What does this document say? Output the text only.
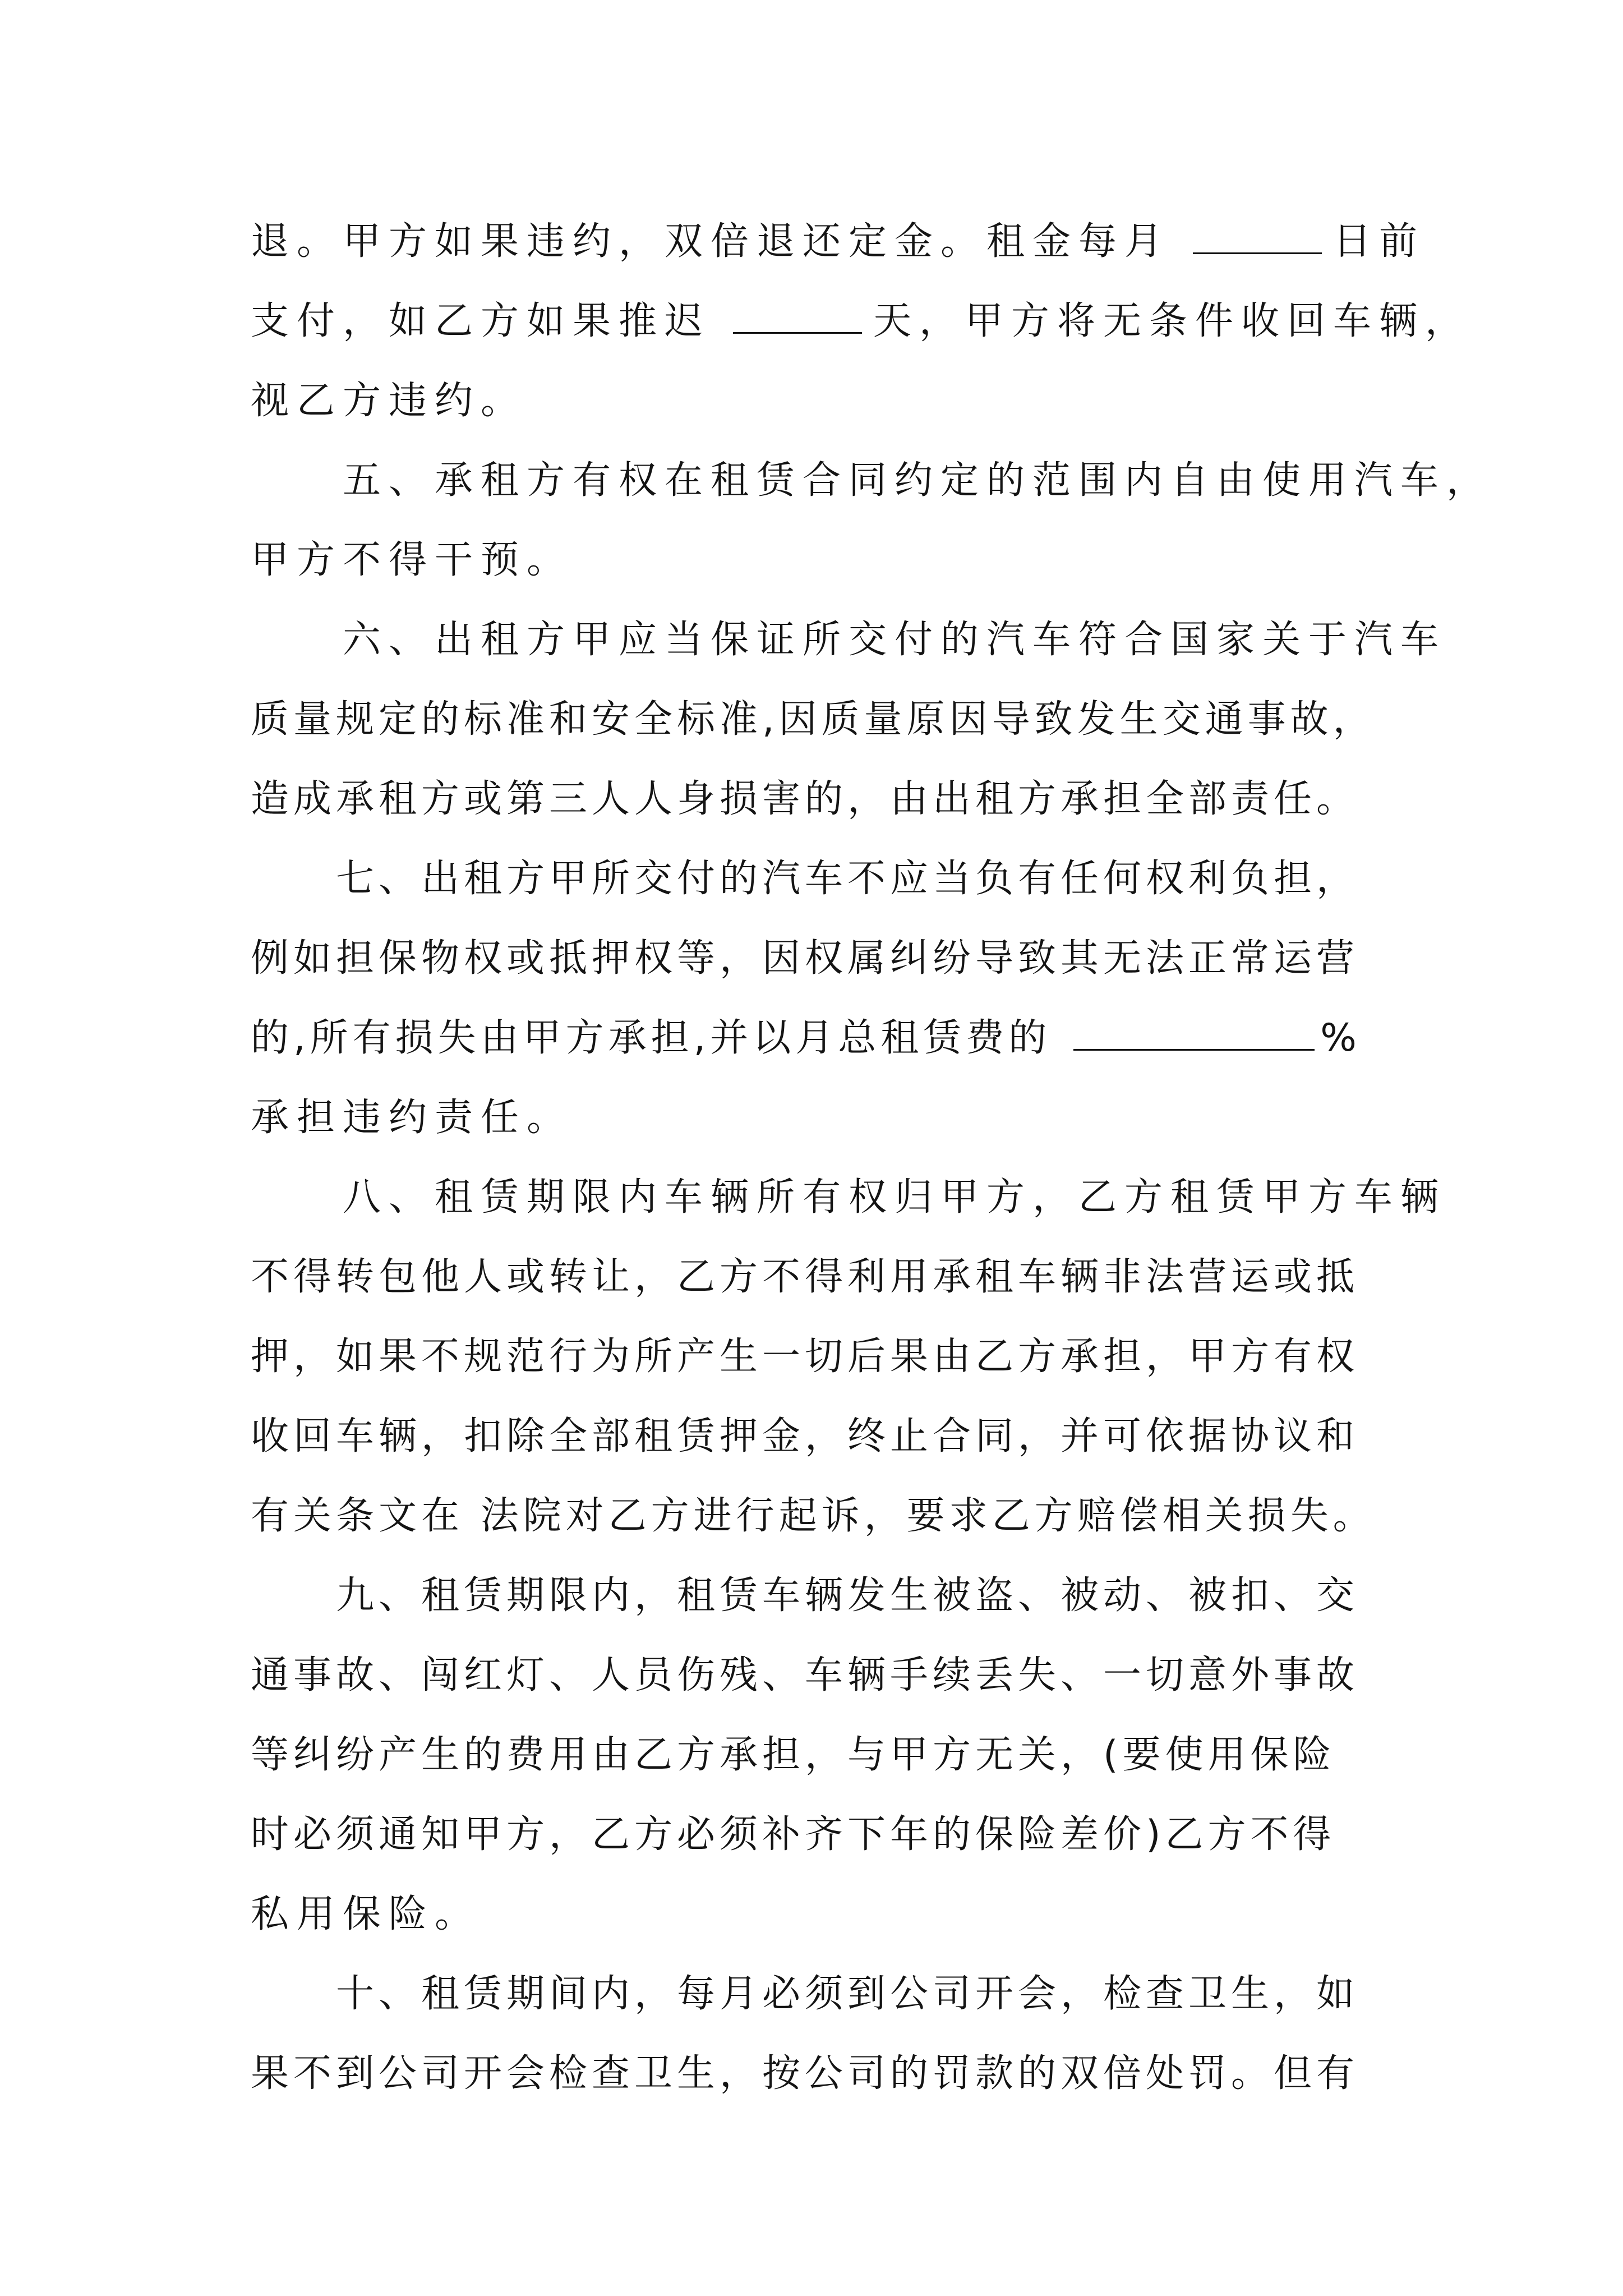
退。甲方如果违约，双倍退还定金。租金每月	日前
支付，如乙方如果推迟	天，甲方将无条件收回车辆，
视乙方违约。
　　五、承租方有权在租赁合同约定的范围内自由使用汽车，
甲方不得干预。
　　六、出租方甲应当保证所交付的汽车符合国家关于汽车
质量规定的标准和安全标准,因质量原因导致发生交通事故，
造成承租方或第三人人身损害的，由出租方承担全部责任。
　　七、出租方甲所交付的汽车不应当负有任何权利负担，
例如担保物权或抵押权等，因权属纠纷导致其无法正常运营
的,所有损失由甲方承担,并以月总租赁费的	%
承担违约责任。
　　八、租赁期限内车辆所有权归甲方，乙方租赁甲方车辆
不得转包他人或转让，乙方不得利用承租车辆非法营运或抵
押，如果不规范行为所产生一切后果由乙方承担，甲方有权
收回车辆，扣除全部租赁押金，终止合同，并可依据协议和
有关条文在 法院对乙方进行起诉，要求乙方赔偿相关损失。
　　九、租赁期限内，租赁车辆发生被盗、被动、被扣、交
通事故、闯红灯、人员伤残、车辆手续丢失、一切意外事故
等纠纷产生的费用由乙方承担，与甲方无关，(要使用保险
时必须通知甲方，乙方必须补齐下年的保险差价)乙方不得
私用保险。
　　十、租赁期间内，每月必须到公司开会，检查卫生，如
果不到公司开会检查卫生，按公司的罚款的双倍处罚。但有
